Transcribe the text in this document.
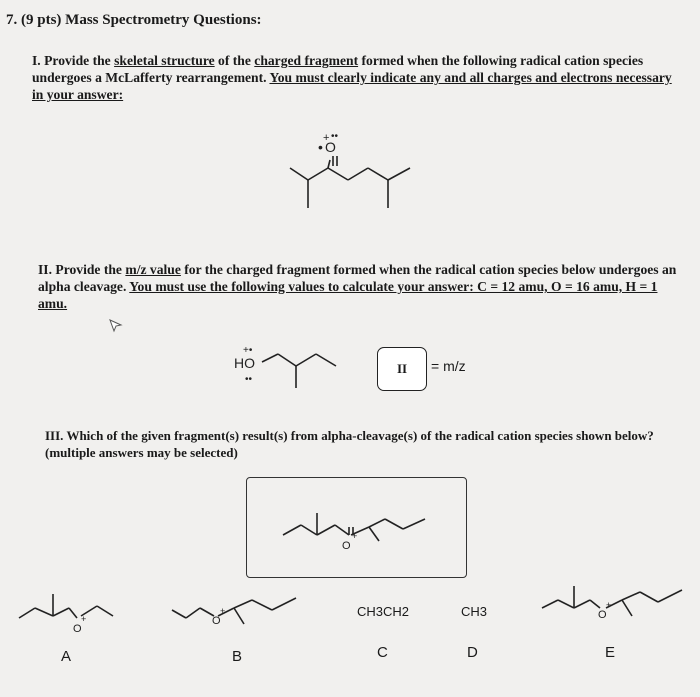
7. (9 pts) Mass Spectrometry Questions:
I. Provide the skeletal structure of the charged fragment formed when the following radical cation species undergoes a McLafferty rearrangement. You must clearly indicate any and all charges and electrons necessary in your answer:
• O
+ ••
II. Provide the m/z value for the charged fragment formed when the radical cation species below undergoes an alpha cleavage. You must use the following values to calculate your answer: C = 12 amu, O = 16 amu, H = 1 amu.
HO
+•
••
II	= m/z
III. Which of the given fragment(s) result(s) from alpha-cleavage(s) of the radical cation species shown below? (multiple answers may be selected)
O
+
O
+
A
O
+
B
CH3CH2
C
CH3
D
O
+
E
